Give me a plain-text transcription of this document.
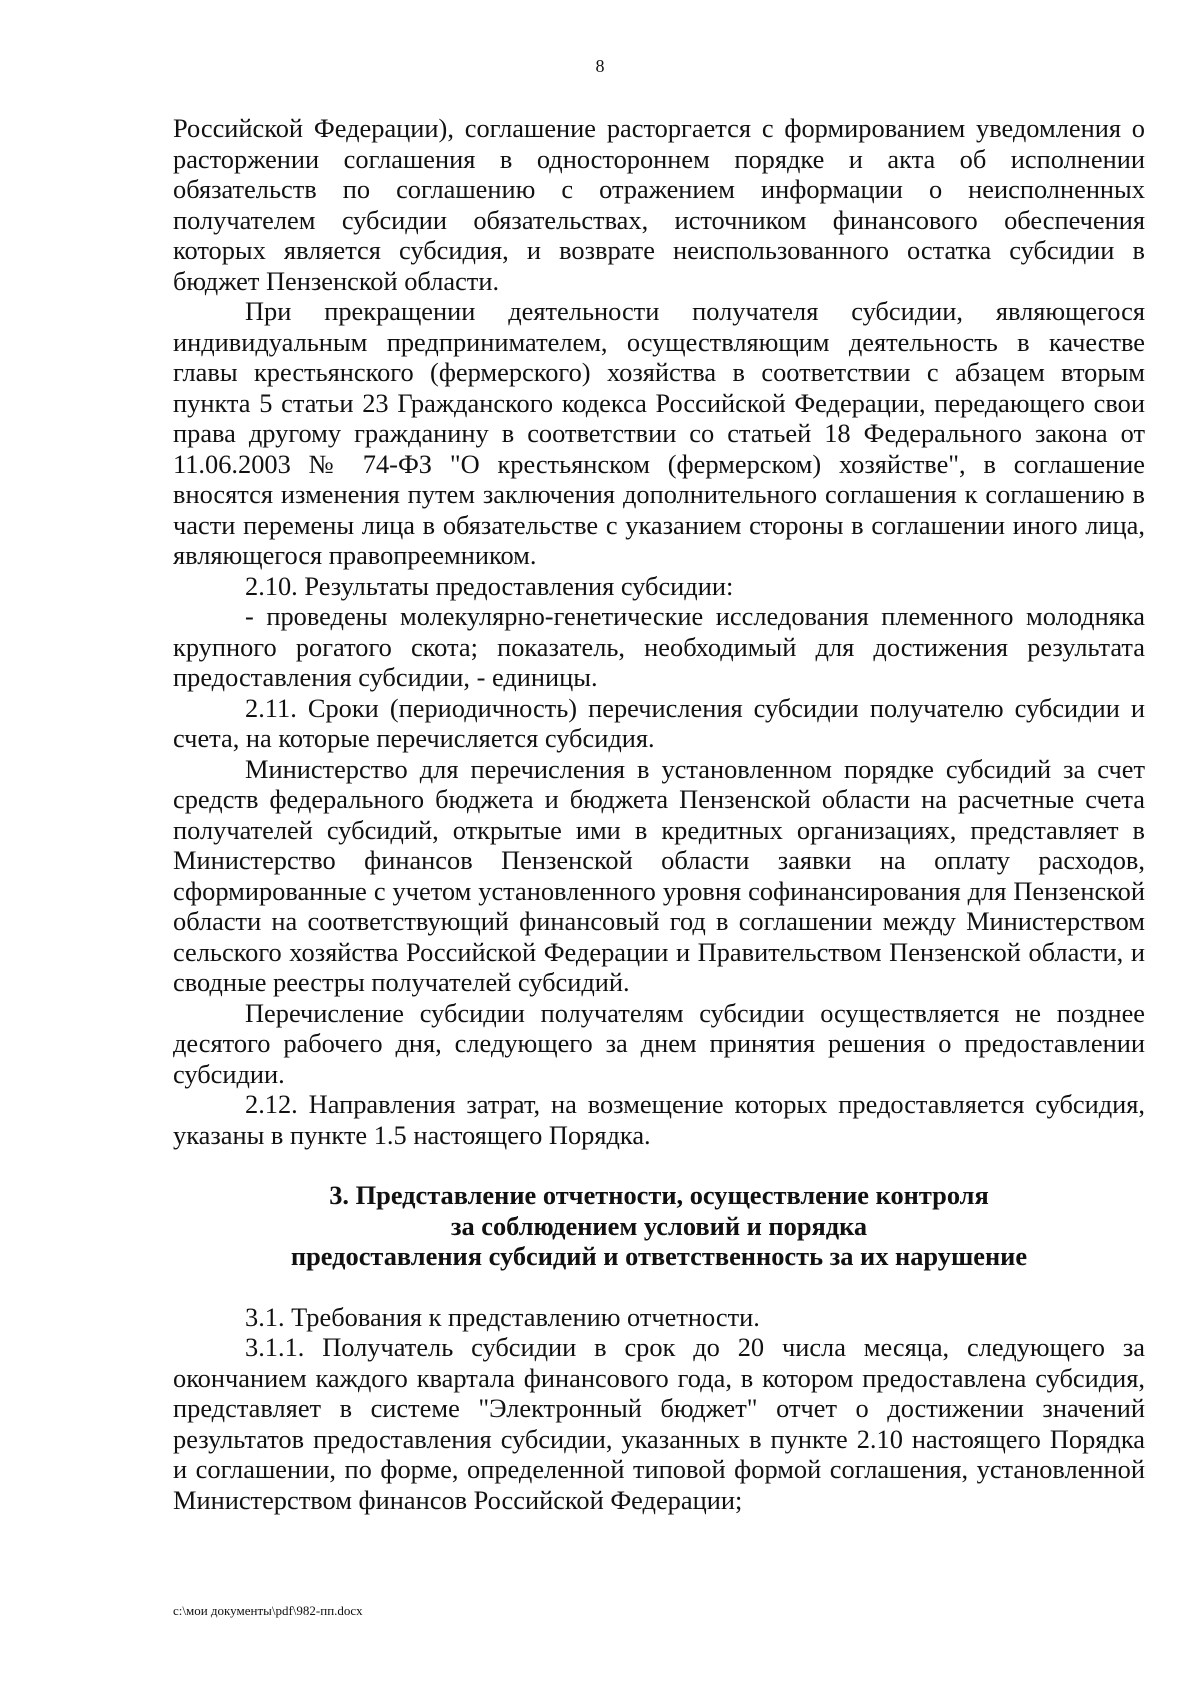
8

Российской Федерации), соглашение расторгается с формированием уведомления о расторжении соглашения в одностороннем порядке и акта об исполнении обязательств по соглашению с отражением информации о неисполненных получателем субсидии обязательствах, источником финансового обеспечения которых является субсидия, и возврате неиспользованного остатка субсидии в бюджет Пензенской области.

При прекращении деятельности получателя субсидии, являющегося индивидуальным предпринимателем, осуществляющим деятельность в качестве главы крестьянского (фермерского) хозяйства в соответствии с абзацем вторым пункта 5 статьи 23 Гражданского кодекса Российской Федерации, передающего свои права другому гражданину в соответствии со статьей 18 Федерального закона от 11.06.2003 № 74-ФЗ "О крестьянском (фермерском) хозяйстве", в соглашение вносятся изменения путем заключения дополнительного соглашения к соглашению в части перемены лица в обязательстве с указанием стороны в соглашении иного лица, являющегося правопреемником.

2.10. Результаты предоставления субсидии:

- проведены молекулярно-генетические исследования племенного молодняка крупного рогатого скота; показатель, необходимый для достижения результата предоставления субсидии, - единицы.

2.11. Сроки (периодичность) перечисления субсидии получателю субсидии и счета, на которые перечисляется субсидия.

Министерство для перечисления в установленном порядке субсидий за счет средств федерального бюджета и бюджета Пензенской области на расчетные счета получателей субсидий, открытые ими в кредитных организациях, представляет в Министерство финансов Пензенской области заявки на оплату расходов, сформированные с учетом установленного уровня софинансирования для Пензенской области на соответствующий финансовый год в соглашении между Министерством сельского хозяйства Российской Федерации и Правительством Пензенской области, и сводные реестры получателей субсидий.

Перечисление субсидии получателям субсидии осуществляется не позднее десятого рабочего дня, следующего за днем принятия решения о предоставлении субсидии.

2.12. Направления затрат, на возмещение которых предоставляется субсидия, указаны в пункте 1.5 настоящего Порядка.

3. Представление отчетности, осуществление контроля
за соблюдением условий и порядка
предоставления субсидий и ответственность за их нарушение

3.1. Требования к представлению отчетности.

3.1.1. Получатель субсидии в срок до 20 числа месяца, следующего за окончанием каждого квартала финансового года, в котором предоставлена субсидия, представляет в системе "Электронный бюджет" отчет о достижении значений результатов предоставления субсидии, указанных в пункте 2.10 настоящего Порядка и соглашении, по форме, определенной типовой формой соглашения, установленной Министерством финансов Российской Федерации;

c:\мои документы\pdf\982-пп.docx
